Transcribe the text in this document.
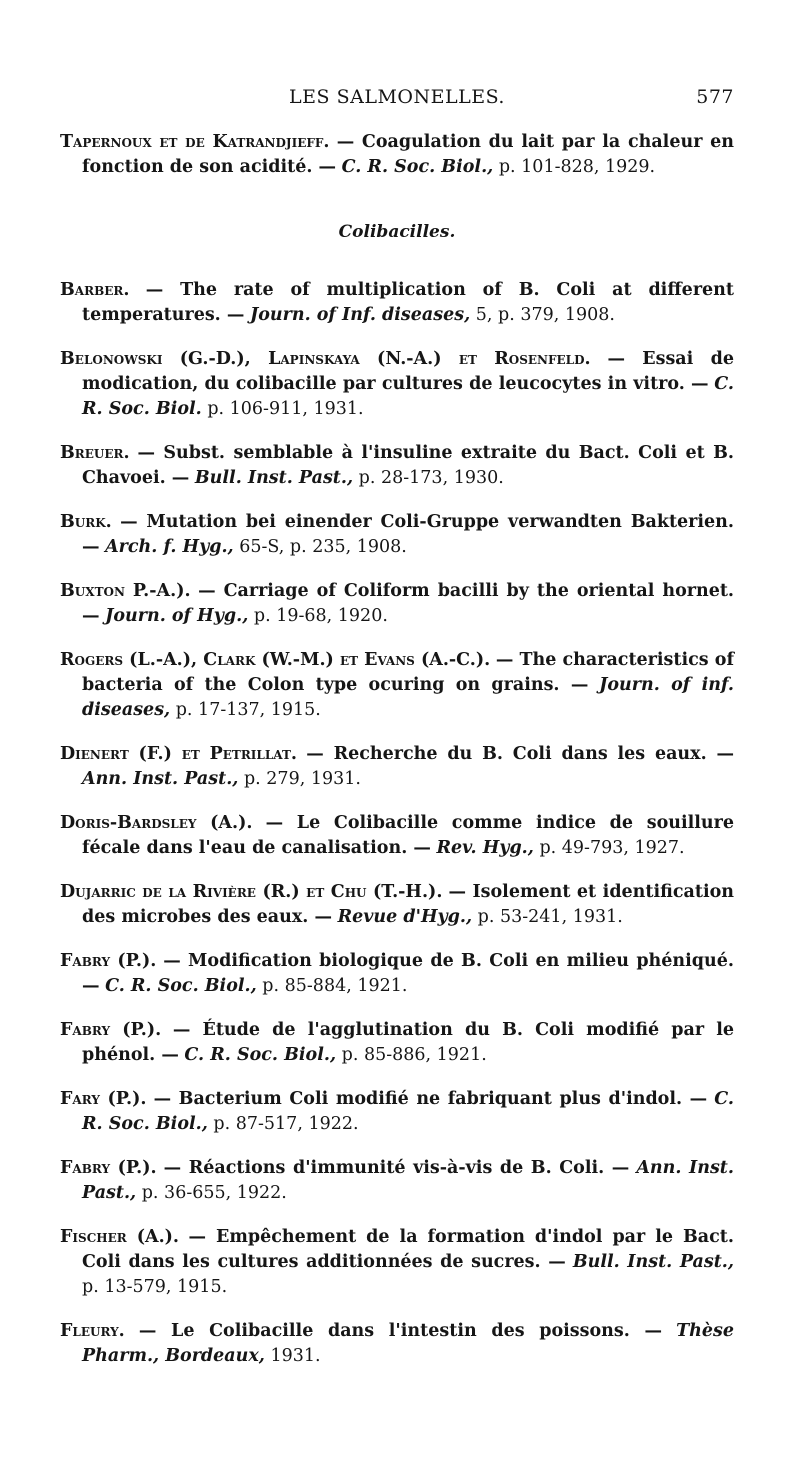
LES SALMONELLES.	577

Tapernoux et de Katrandjieff. — Coagulation du lait par la chaleur en fonction de son acidité. — C. R. Soc. Biol., p. 101-828, 1929.

Colibacilles.

Barber. — The rate of multiplication of B. Coli at different temperatures. — Journ. of Inf. diseases, 5, p. 379, 1908.

Belonowski (G.-D.), Lapinskaya (N.-A.) et Rosenfeld. — Essai de modication, du colibacille par cultures de leucocytes in vitro. — C. R. Soc. Biol. p. 106-911, 1931.

Breuer. — Subst. semblable à l'insuline extraite du Bact. Coli et B. Chavoei. — Bull. Inst. Past., p. 28-173, 1930.

Burk. — Mutation bei einender Coli-Gruppe verwandten Bakterien. — Arch. f. Hyg., 65-S, p. 235, 1908.

Buxton P.-A.). — Carriage of Coliform bacilli by the oriental hornet. — Journ. of Hyg., p. 19-68, 1920.

Rogers (L.-A.), Clark (W.-M.) et Evans (A.-C.). — The characteristics of bacteria of the Colon type ocuring on grains. — Journ. of inf. diseases, p. 17-137, 1915.

Dienert (F.) et Petrillat. — Recherche du B. Coli dans les eaux. — Ann. Inst. Past., p. 279, 1931.

Doris-Bardsley (A.). — Le Colibacille comme indice de souillure fécale dans l'eau de canalisation. — Rev. Hyg., p. 49-793, 1927.

Dujarric de la Rivière (R.) et Chu (T.-H.). — Isolement et identification des microbes des eaux. — Revue d'Hyg., p. 53-241, 1931.

Fabry (P.). — Modification biologique de B. Coli en milieu phéniqué. — C. R. Soc. Biol., p. 85-884, 1921.

Fabry (P.). — Étude de l'agglutination du B. Coli modifié par le phénol. — C. R. Soc. Biol., p. 85-886, 1921.

Fary (P.). — Bacterium Coli modifié ne fabriquant plus d'indol. — C. R. Soc. Biol., p. 87-517, 1922.

Fabry (P.). — Réactions d'immunité vis-à-vis de B. Coli. — Ann. Inst. Past., p. 36-655, 1922.

Fischer (A.). — Empêchement de la formation d'indol par le Bact. Coli dans les cultures additionnées de sucres. — Bull. Inst. Past., p. 13-579, 1915.

Fleury. — Le Colibacille dans l'intestin des poissons. — Thèse Pharm., Bordeaux, 1931.
